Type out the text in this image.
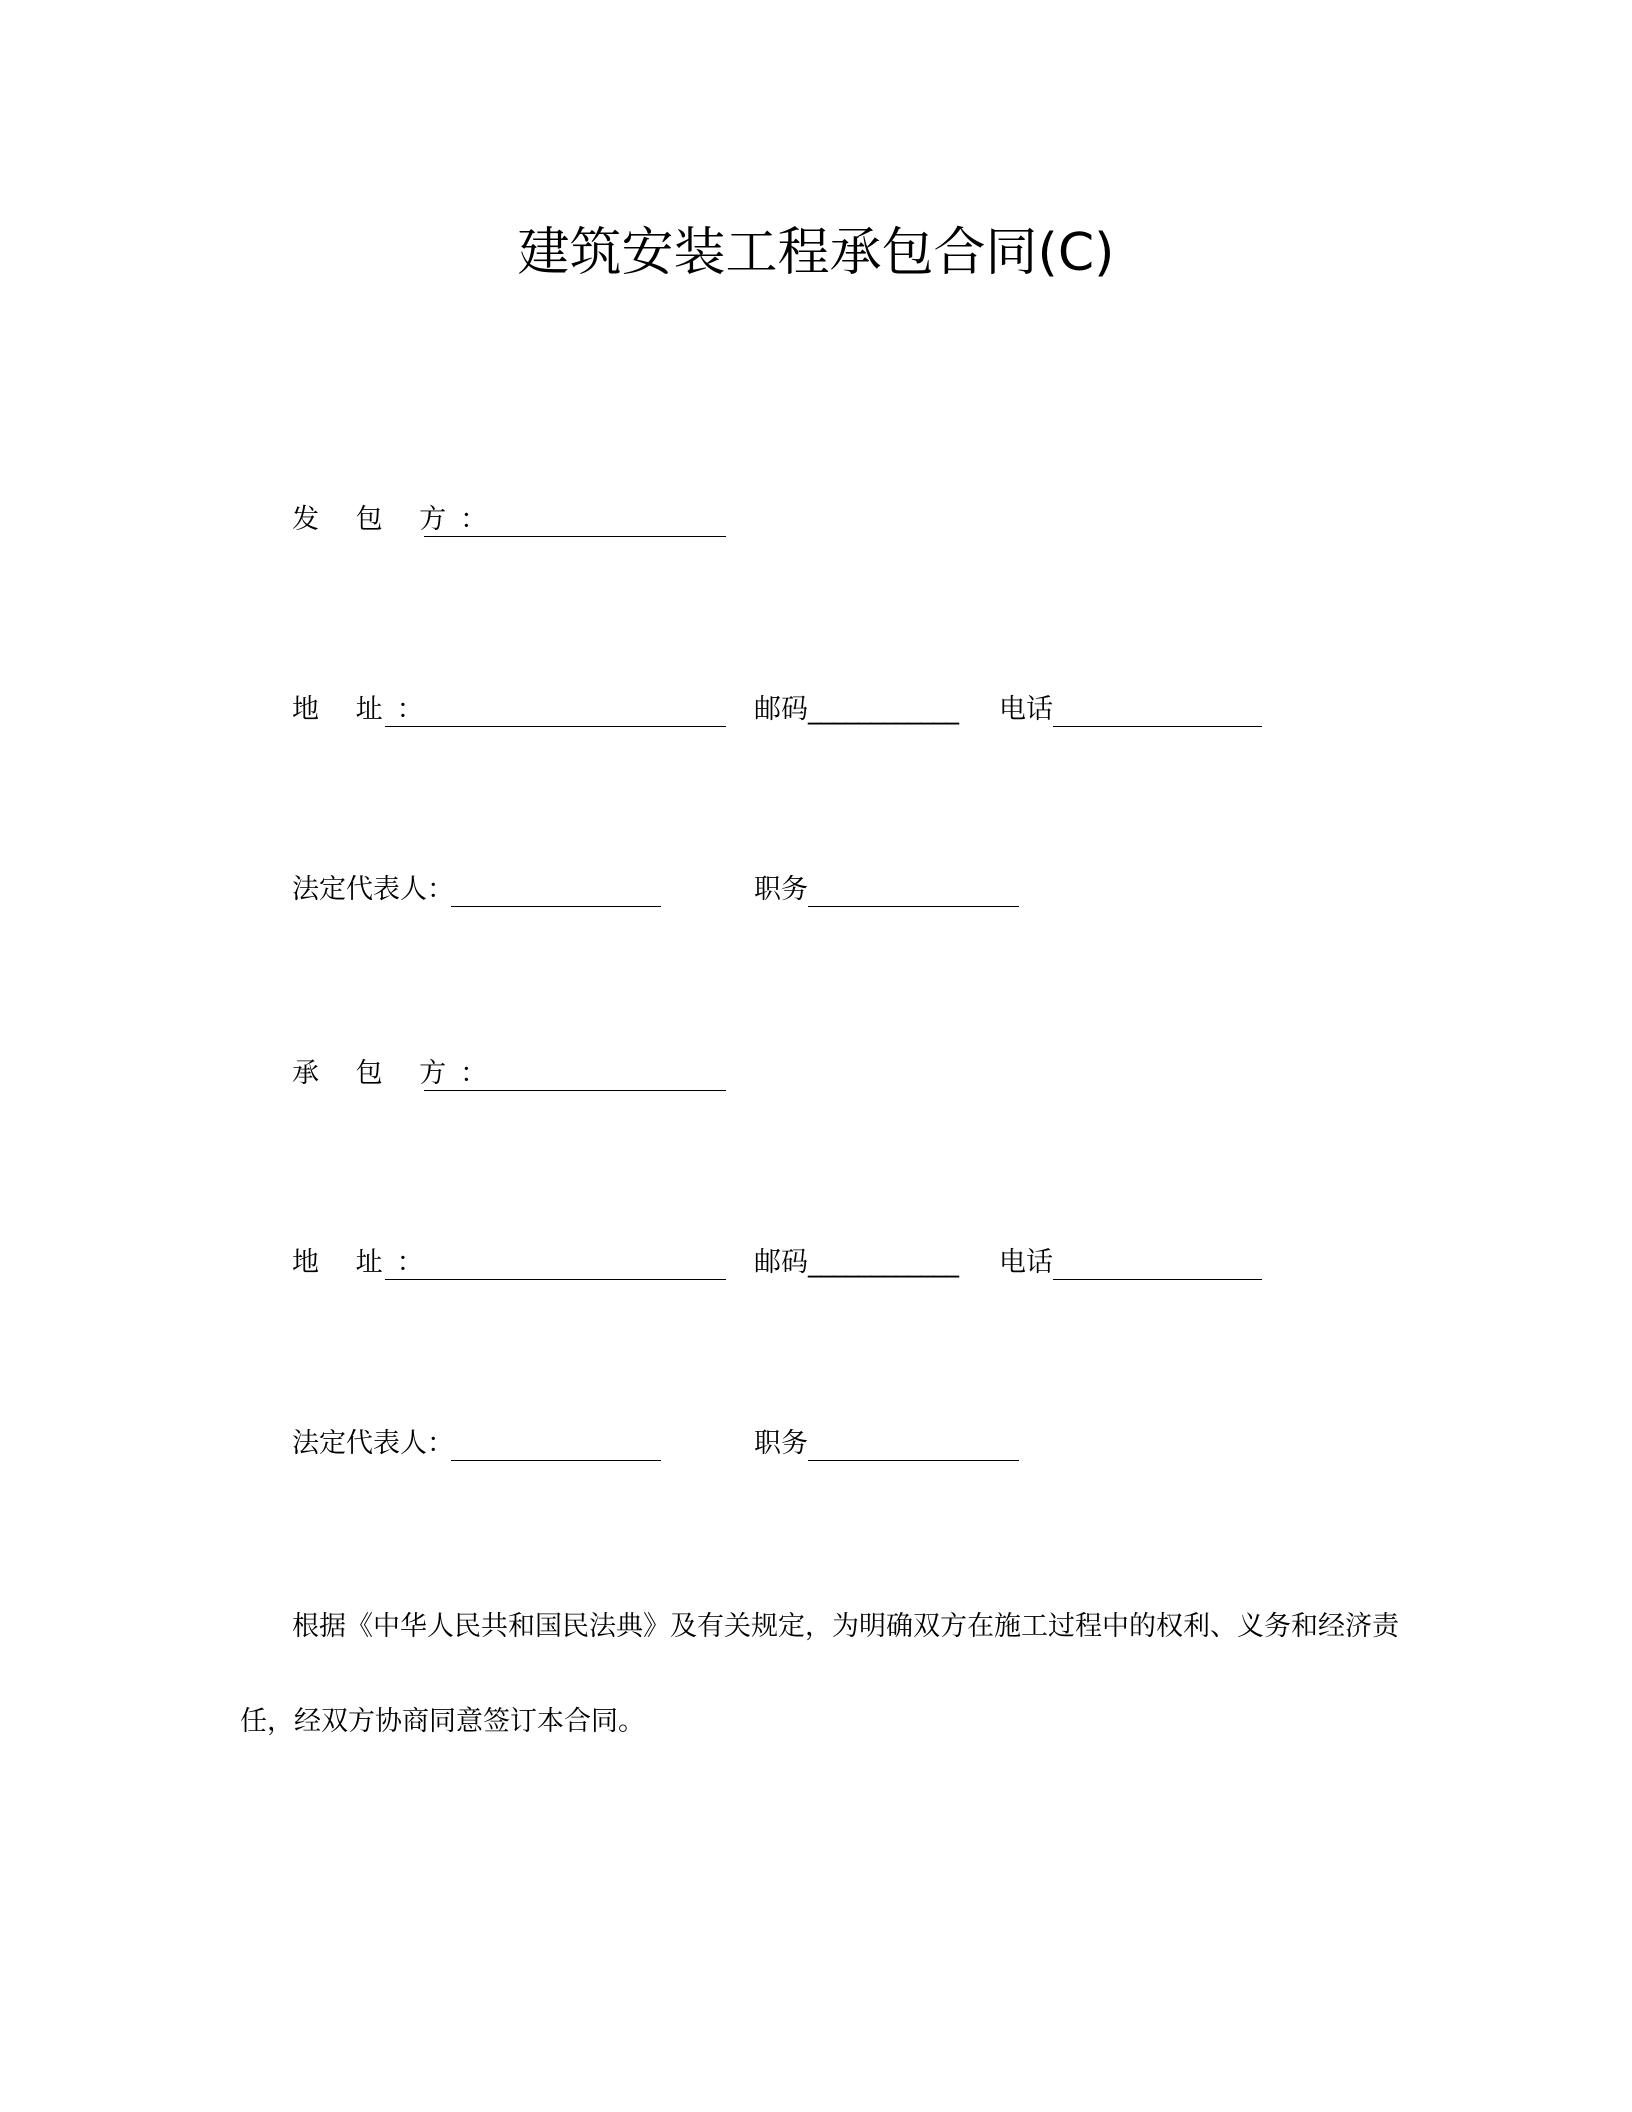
建筑安装工程承包合同(C)
发 包 方：
地 址：	邮码 ____________ 电话
法定代表人：	职务
承 包 方：
地 址：	邮码 ____________ 电话
法定代表人：	职务
根据《中华人民共和国民法典》及有关规定，为明确双方在施工过程中的权利、义务和经济责
任，经双方协商同意签订本合同。
